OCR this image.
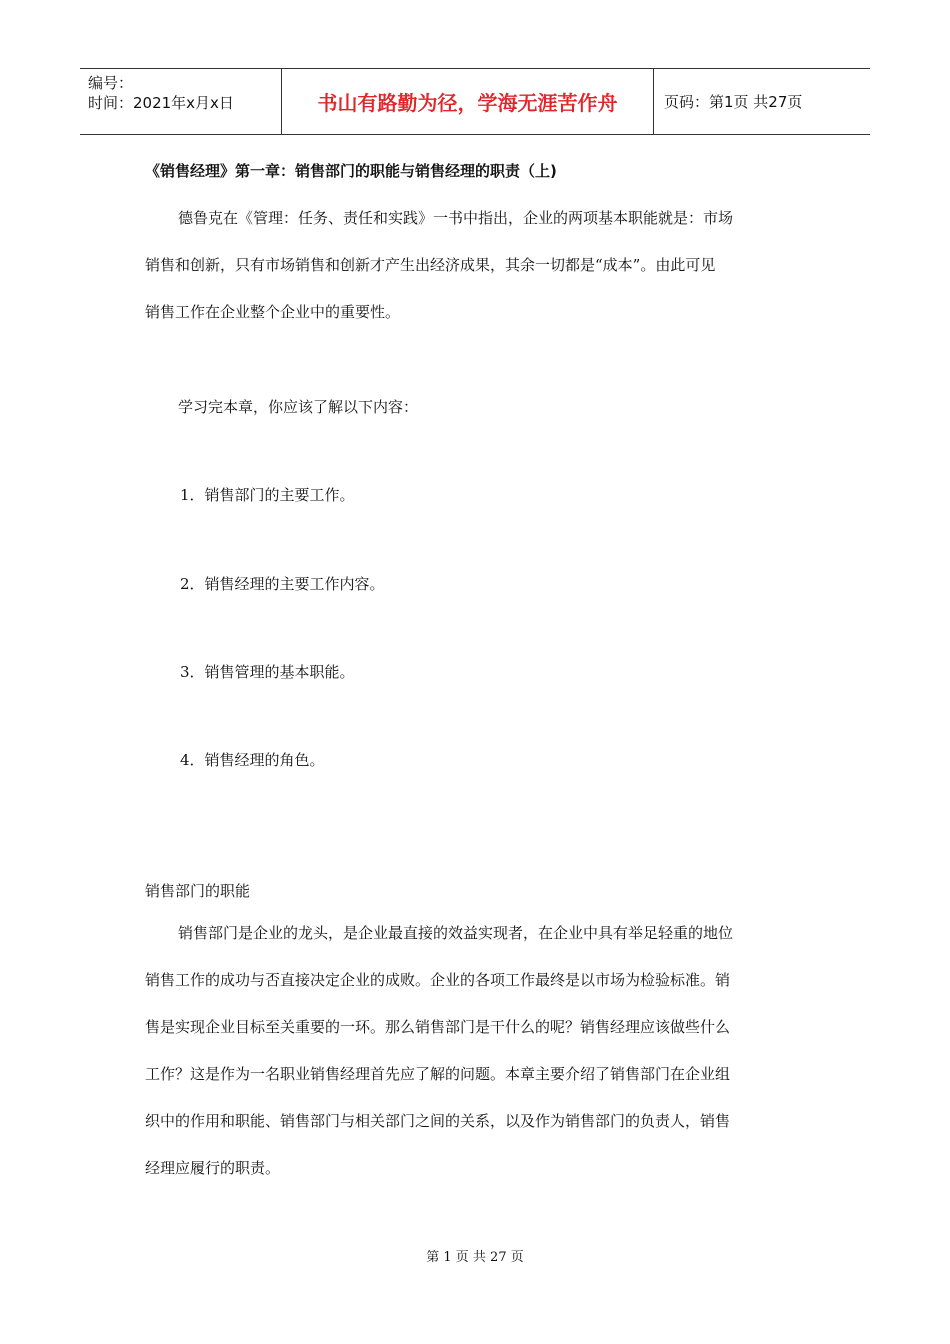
编号：
时间：2021年x月x日	书山有路勤为径，学海无涯苦作舟	页码：第1页 共27页
《销售经理》第一章：销售部门的职能与销售经理的职责（上)
德鲁克在《管理：任务、责任和实践》一书中指出，企业的两项基本职能就是：市场
销售和创新，只有市场销售和创新才产生出经济成果，其余一切都是“成本”。由此可见
销售工作在企业整个企业中的重要性。
学习完本章，你应该了解以下内容：
1．销售部门的主要工作。
2．销售经理的主要工作内容。
3．销售管理的基本职能。
4．销售经理的角色。
销售部门的职能
销售部门是企业的龙头，是企业最直接的效益实现者，在企业中具有举足轻重的地位
销售工作的成功与否直接决定企业的成败。企业的各项工作最终是以市场为检验标准。销
售是实现企业目标至关重要的一环。那么销售部门是干什么的呢？销售经理应该做些什么
工作？这是作为一名职业销售经理首先应了解的问题。本章主要介绍了销售部门在企业组
织中的作用和职能、销售部门与相关部门之间的关系，以及作为销售部门的负责人，销售
经理应履行的职责。
第 1 页 共 27 页
